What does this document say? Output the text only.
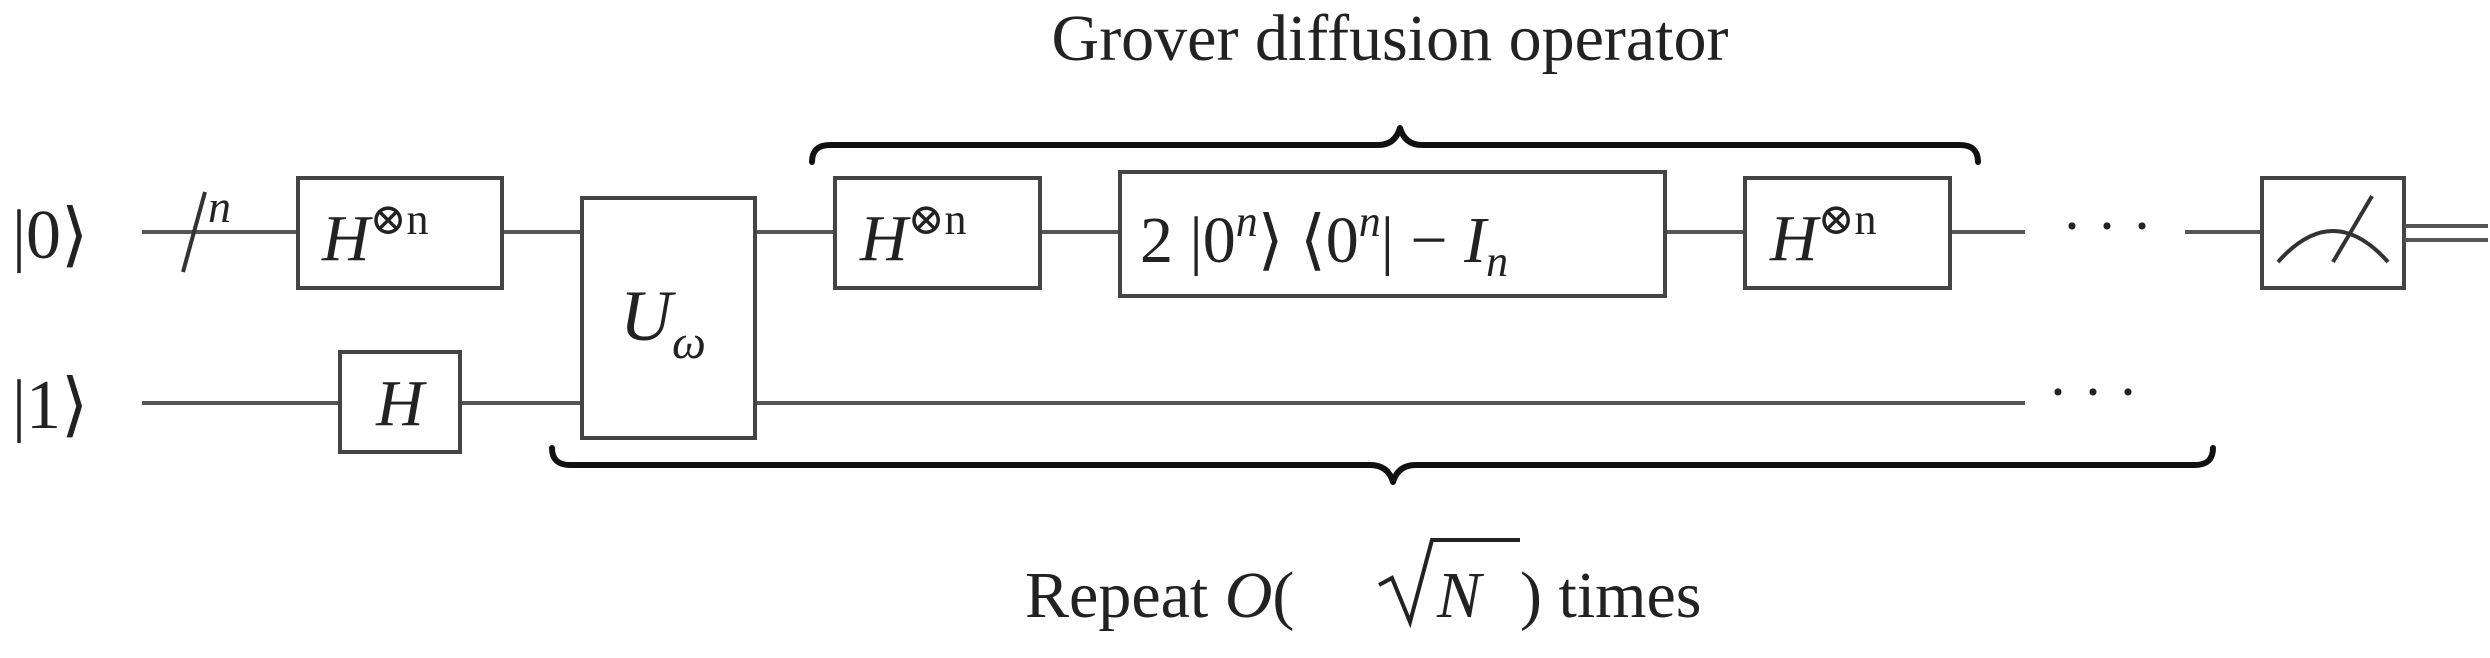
Grover diffusion operator
|0⟩
|1⟩
n $H^{\otimes n}$
H
$U_\omega$
$H^{\otimes n}$	2 |0$^n$⟩ $⟨0^n| - I_n$	$H^{\otimes n}$	· · ·
· · ·
Repeat O( N ) times
